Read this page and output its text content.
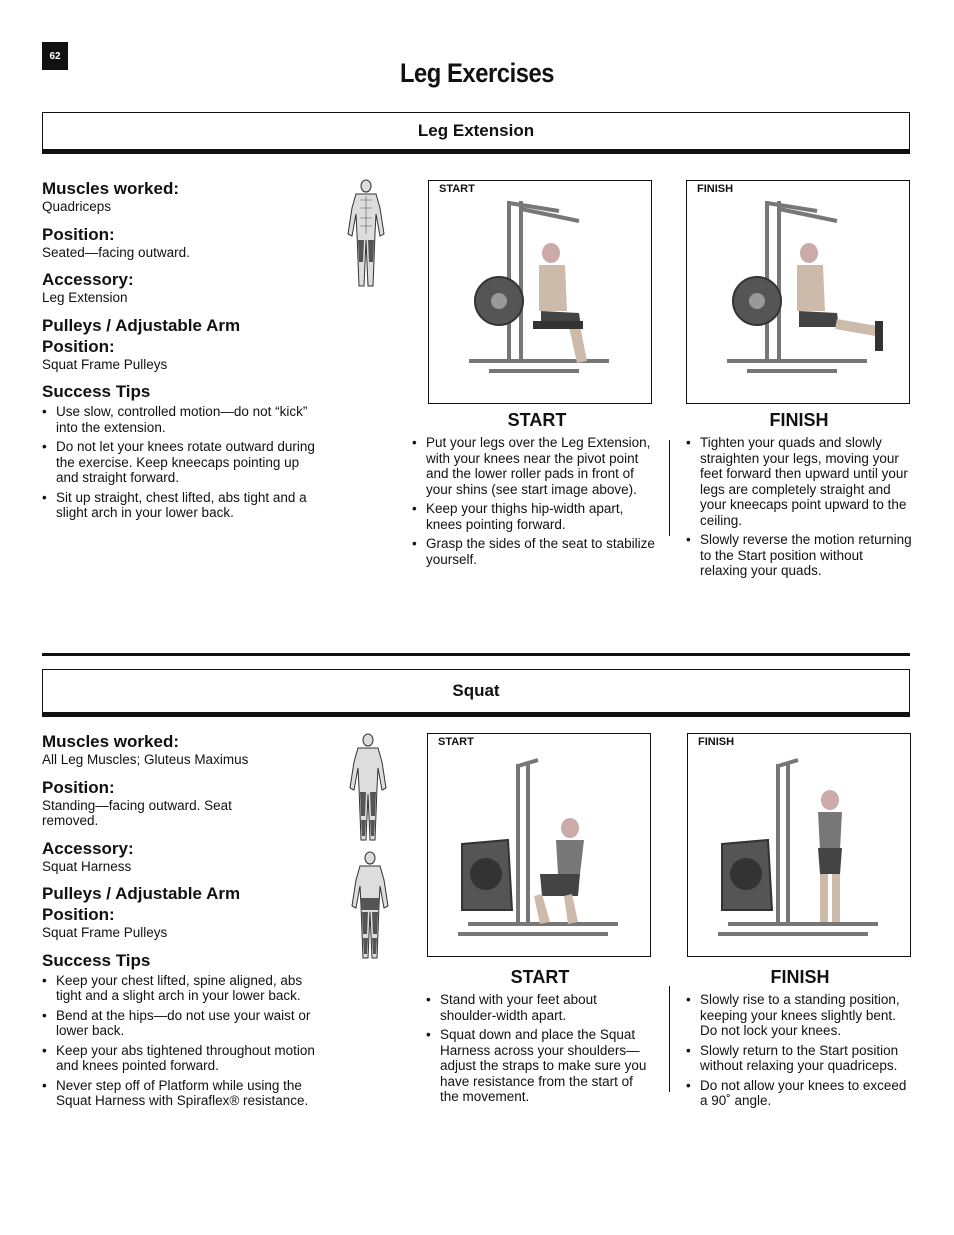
62
Leg Exercises
Leg Extension
Muscles worked:

Quadriceps

Position:

Seated—facing outward.

Accessory:

Leg Extension

Pulleys / Adjustable Arm Position:

Squat Frame Pulleys

Success Tips
• Use slow, controlled motion—do not “kick” into the extension.
• Do not let your knees rotate outward during the exercise. Keep kneecaps pointing up and straight forward.
• Sit up straight, chest lifted, abs tight and a slight arch in your lower back.
START	FINISH
START
• Put your legs over the Leg Extension, with your knees near the pivot point and the lower roller pads in front of your shins (see start image above).
• Keep your thighs hip-width apart, knees pointing forward.
• Grasp the sides of the seat to stabilize yourself.
FINISH
• Tighten your quads and slowly straighten your legs, moving your feet forward then upward until your legs are completely straight and your kneecaps point upward to the ceiling.
• Slowly reverse the motion returning to the Start position without relaxing your quads.
Squat
Muscles worked:

All Leg Muscles; Gluteus Maximus

Position:

Standing—facing outward. Seat removed.

Accessory:

Squat Harness

Pulleys / Adjustable Arm Position:

Squat Frame Pulleys

Success Tips
• Keep your chest lifted, spine aligned, abs tight and a slight arch in your lower back.
• Bend at the hips—do not use your waist or lower back.
• Keep your abs tightened throughout motion and knees pointed forward.
• Never step off of Platform while using the Squat Harness with Spiraflex® resistance.
START	FINISH
START
• Stand with your feet about shoulder-width apart.
• Squat down and place the Squat Harness across your shoulders— adjust the straps to make sure you have resistance from the start of the movement.
FINISH
• Slowly rise to a standing position, keeping your knees slightly bent. Do not lock your knees.
• Slowly return to the Start position without relaxing your quadriceps.
• Do not allow your knees to exceed a 90˚ angle.
